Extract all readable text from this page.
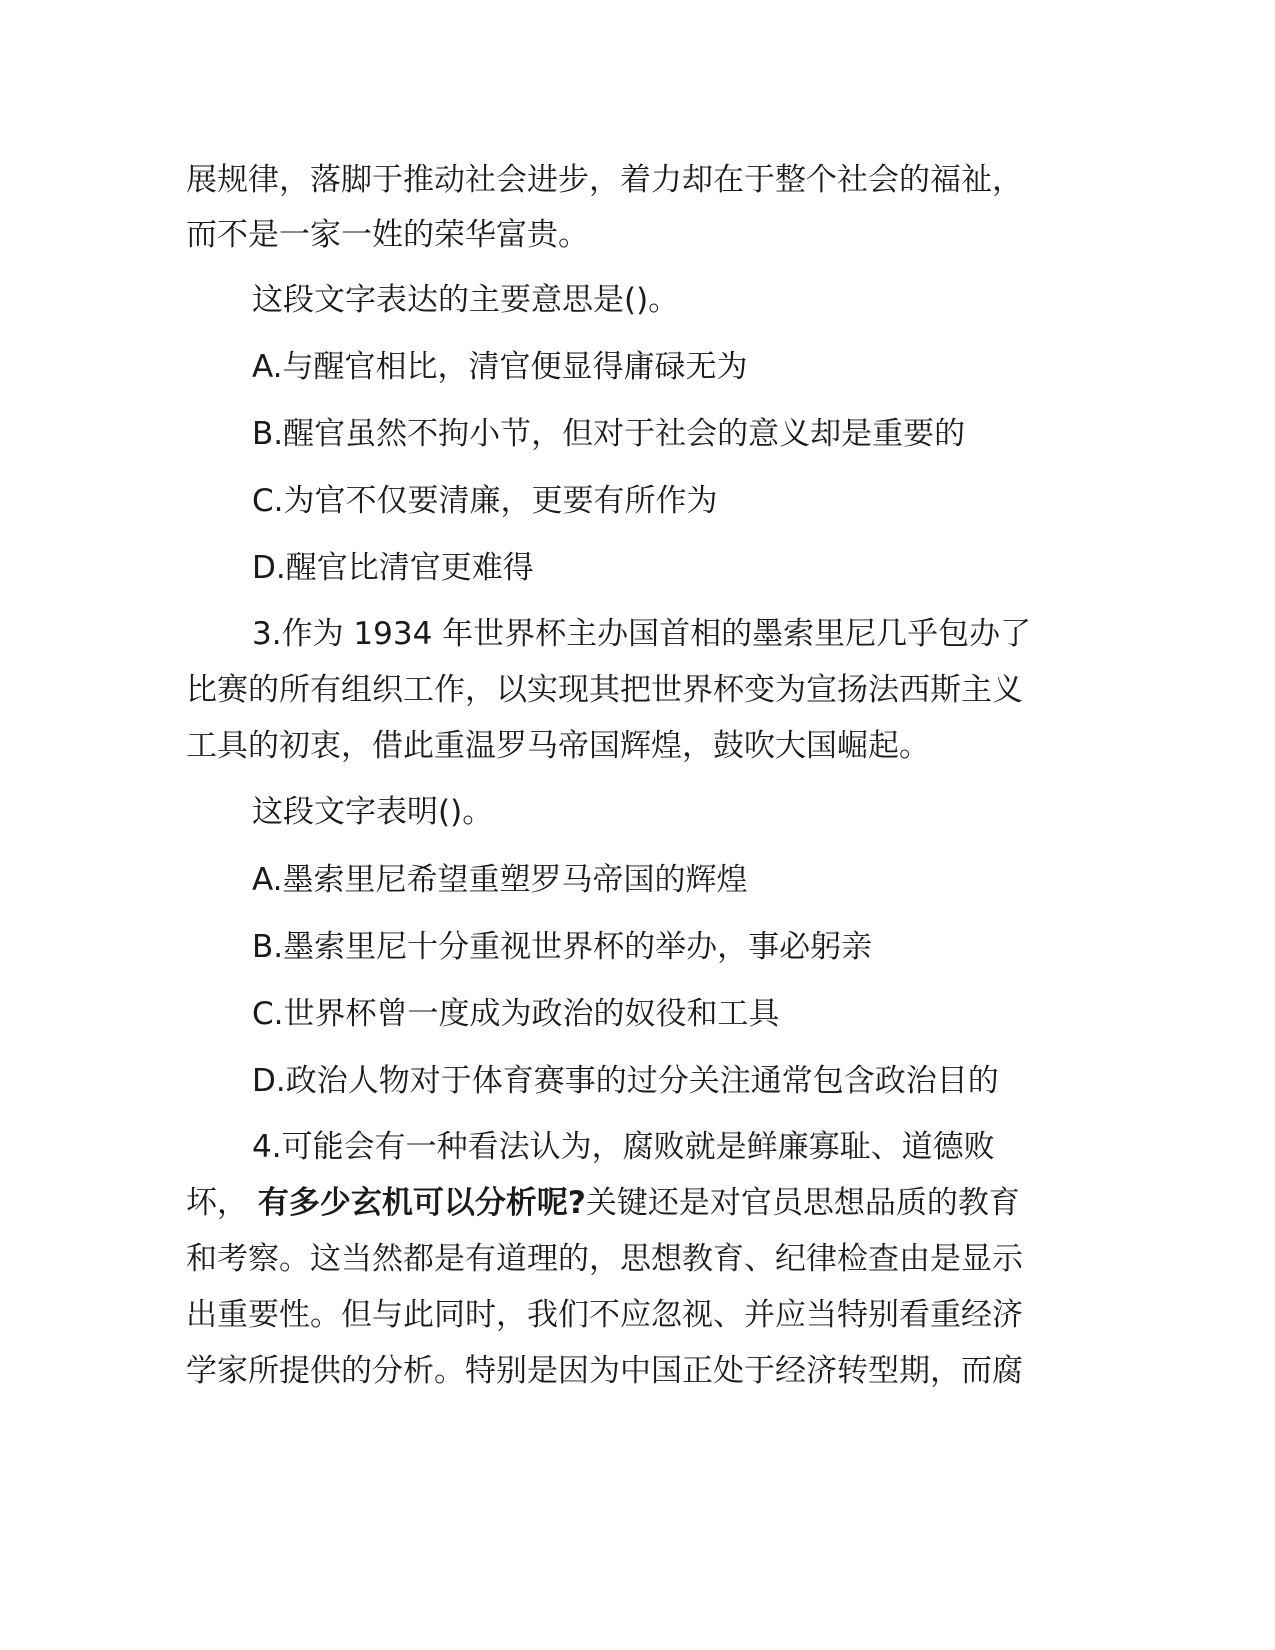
展规律，落脚于推动社会进步，着力却在于整个社会的福祉，
而不是一家一姓的荣华富贵。
这段文字表达的主要意思是()。
A.与醒官相比，清官便显得庸碌无为
B.醒官虽然不拘小节，但对于社会的意义却是重要的
C.为官不仅要清廉，更要有所作为
D.醒官比清官更难得
3.作为 1934 年世界杯主办国首相的墨索里尼几乎包办了
比赛的所有组织工作，以实现其把世界杯变为宣扬法西斯主义
工具的初衷，借此重温罗马帝国辉煌，鼓吹大国崛起。
这段文字表明()。
A.墨索里尼希望重塑罗马帝国的辉煌
B.墨索里尼十分重视世界杯的举办，事必躬亲
C.世界杯曾一度成为政治的奴役和工具
D.政治人物对于体育赛事的过分关注通常包含政治目的
4.可能会有一种看法认为，腐败就是鲜廉寡耻、道德败
坏， 有多少玄机可以分析呢?关键还是对官员思想品质的教育
和考察。这当然都是有道理的，思想教育、纪律检查由是显示
出重要性。但与此同时，我们不应忽视、并应当特别看重经济
学家所提供的分析。特别是因为中国正处于经济转型期，而腐
